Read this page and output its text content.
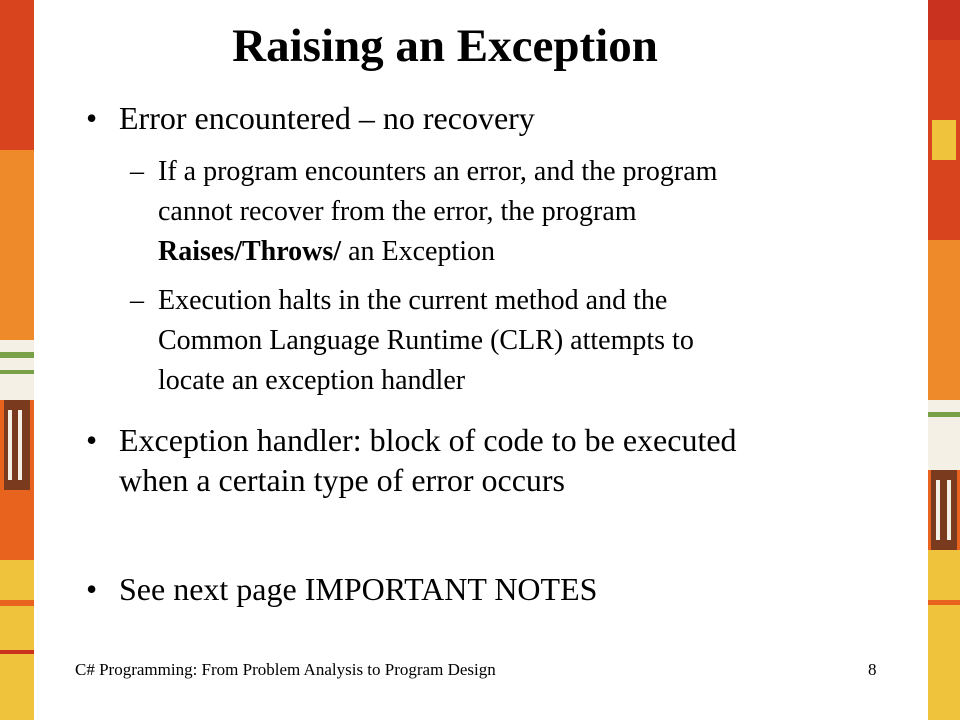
Raising an Exception
• Error encountered – no recovery
– If a program encounters an error, and the program
cannot recover from the error, the program
Raises/Throws/ an Exception
– Execution halts in the current method and the
Common Language Runtime (CLR) attempts to
locate an exception handler
• Exception handler: block of code to be executed
when a certain type of error occurs
• See next page IMPORTANT NOTES
C# Programming: From Problem Analysis to Program Design	8
